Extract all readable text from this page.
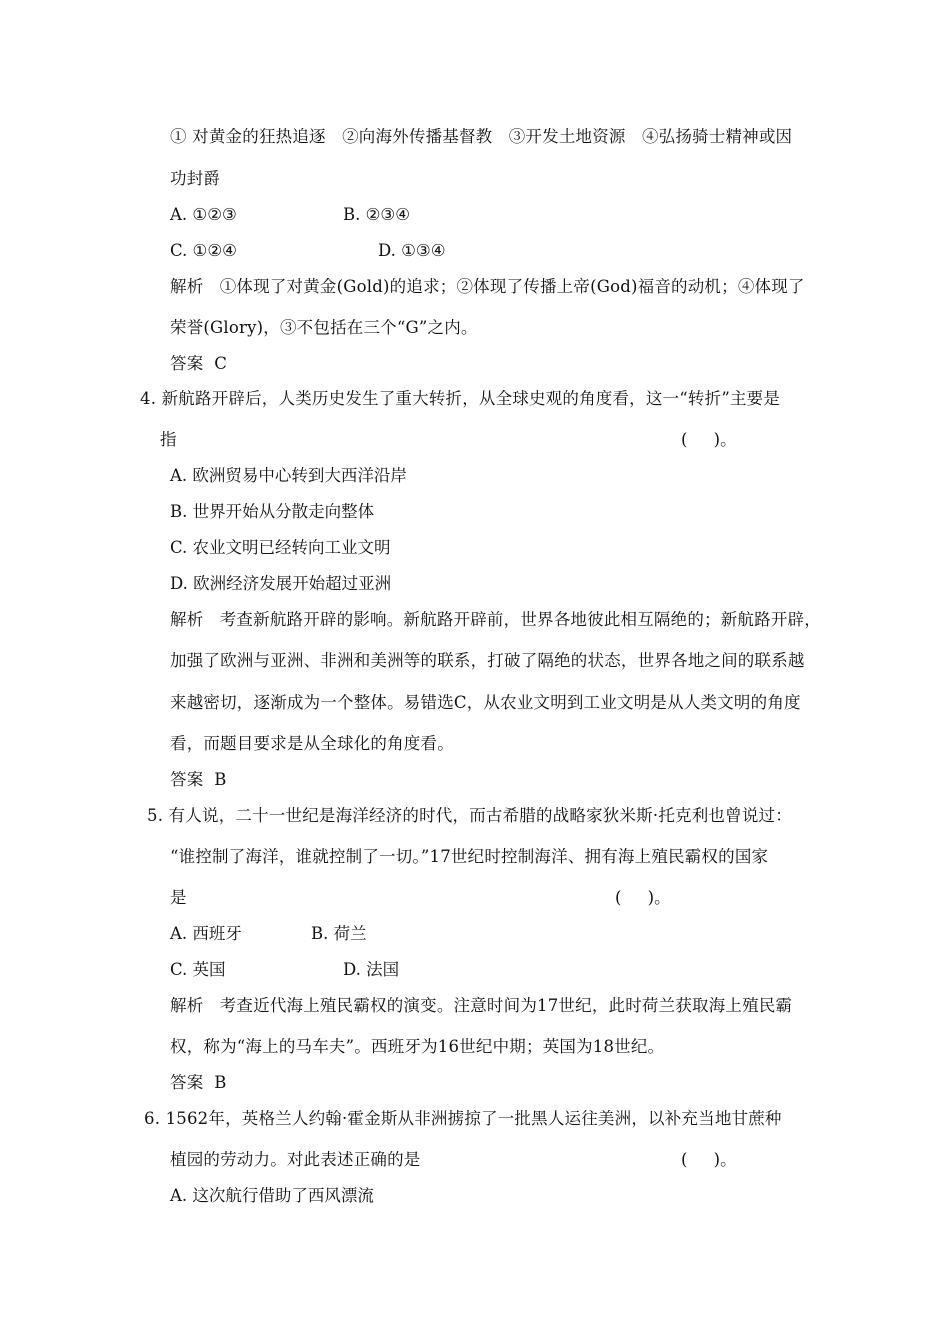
① 对黄金的狂热追逐   ②向海外传播基督教   ③开发土地资源   ④弘扬骑士精神或因
功封爵
A. ①②③	B. ②③④
C. ①②④	D. ①③④
解析   ①体现了对黄金(Gold)的追求；②体现了传播上帝(God)福音的动机；④体现了
荣誉(Glory)，③不包括在三个“G”之内。
答案  C
4. 新航路开辟后，人类历史发生了重大转折，从全球史观的角度看，这一“转折”主要是
指	(     )。
A. 欧洲贸易中心转到大西洋沿岸
B. 世界开始从分散走向整体
C. 农业文明已经转向工业文明
D. 欧洲经济发展开始超过亚洲
解析   考查新航路开辟的影响。新航路开辟前，世界各地彼此相互隔绝的；新航路开辟，
加强了欧洲与亚洲、非洲和美洲等的联系，打破了隔绝的状态，世界各地之间的联系越
来越密切，逐渐成为一个整体。易错选C，从农业文明到工业文明是从人类文明的角度
看，而题目要求是从全球化的角度看。
答案  B
5. 有人说，二十一世纪是海洋经济的时代，而古希腊的战略家狄米斯·托克利也曾说过：
“谁控制了海洋，谁就控制了一切。”17世纪时控制海洋、拥有海上殖民霸权的国家
是	(     )。
A. 西班牙	B. 荷兰
C. 英国	D. 法国
解析   考查近代海上殖民霸权的演变。注意时间为17世纪，此时荷兰获取海上殖民霸
权，称为“海上的马车夫”。西班牙为16世纪中期；英国为18世纪。
答案  B
6. 1562年，英格兰人约翰·霍金斯从非洲掳掠了一批黑人运往美洲，以补充当地甘蔗种
植园的劳动力。对此表述正确的是	(     )。
A. 这次航行借助了西风漂流
